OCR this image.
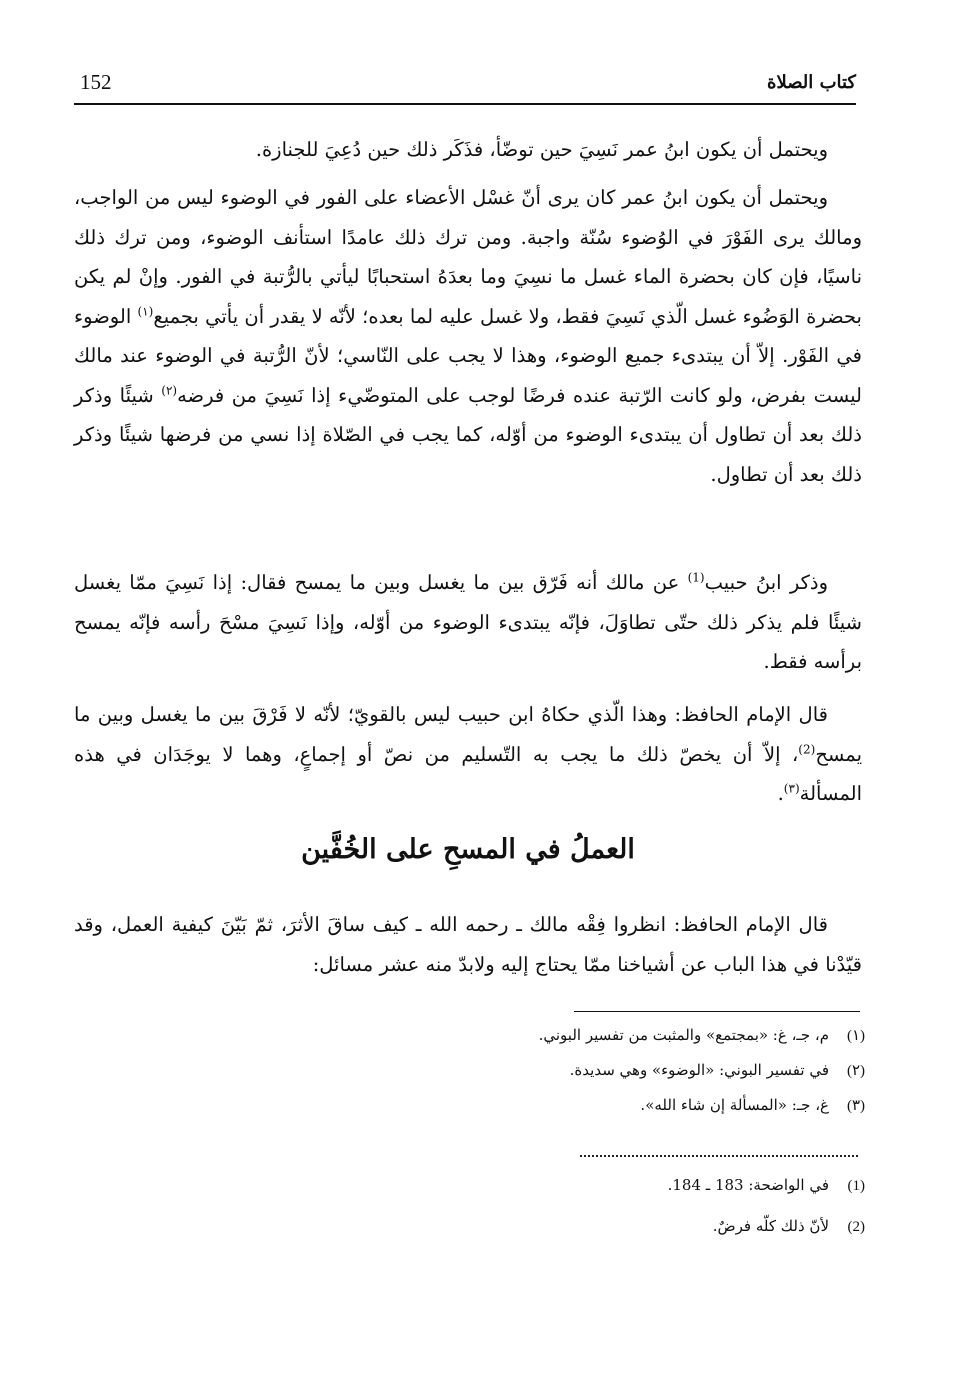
152	كتاب الصلاة

ويحتمل أن يكون ابنُ عمر نَسِيَ حين توضّأ، فذَكَر ذلك حين دُعِيَ للجنازة.

ويحتمل أن يكون ابنُ عمر كان يرى أنّ غسْل الأعضاء على الفور في الوضوء ليس من الواجب، ومالك يرى الفَوْرَ في الوُضوء سُنّة واجبة. ومن ترك ذلك عامدًا استأنف الوضوء، ومن ترك ذلك ناسيًا، فإن كان بحضرة الماء غسل ما نسِيَ وما بعدَهُ استحبابًا ليأتي بالرُّتبة في الفور. وإنْ لم يكن بحضرة الوَضُوء غسل الّذي نَسِيَ فقط، ولا غسل عليه لما بعده؛ لأنّه لا يقدر أن يأتي بجميع$^{(١)}$ الوضوء في الفَوْر. إلاّ أن يبتدىء جميع الوضوء، وهذا لا يجب على النّاسي؛ لأنّ الرُّتبة في الوضوء عند مالك ليست بفرض، ولو كانت الرّتبة عنده فرضًا لوجب على المتوضّيء إذا نَسِيَ من فرضه$^{(٢)}$ شيئًا وذكر ذلك بعد أن تطاول أن يبتدىء الوضوء من أوّله، كما يجب في الصّلاة إذا نسي من فرضها شيئًا وذكر ذلك بعد أن تطاول.

وذكر ابنُ حبيب$^{(1)}$ عن مالك أنه فَرّق بين ما يغسل وبين ما يمسح فقال: إذا نَسِيَ ممّا يغسل شيئًا فلم يذكر ذلك حتّى تطاوَلَ، فإنّه يبتدىء الوضوء من أوّله، وإذا نَسِيَ مسْحَ رأسه فإنّه يمسح برأسه فقط.

قال الإمام الحافظ: وهذا الّذي حكاهُ ابن حبيب ليس بالقويّ؛ لأنّه لا فَرْقَ بين ما يغسل وبين ما يمسح$^{(2)}$، إلاّ أن يخصّ ذلك ما يجب به التّسليم من نصّ أو إجماعٍ، وهما لا يوجَدَان في هذه المسألة$^{(٣)}$.

العملُ في المسحِ على الخُفَّين

قال الإمام الحافظ: انظروا فِقْه مالك ـ رحمه الله ـ كيف ساقَ الأثرَ، ثمّ بَيّنَ كيفية العمل، وقد قيّدْنا في هذا الباب عن أشياخنا ممّا يحتاج إليه ولابدّ منه عشر مسائل:

(١)م، جـ، غ: «بمجتمع» والمثبت من تفسير البوني.
(٢)في تفسير البوني: «الوضوء» وهي سديدة.
(٣)غ، جـ: «المسألة إن شاء الله».
(1)في الواضحة: 183 ـ 184.
(2)لأنّ ذلك كلّه فرضٌ.
